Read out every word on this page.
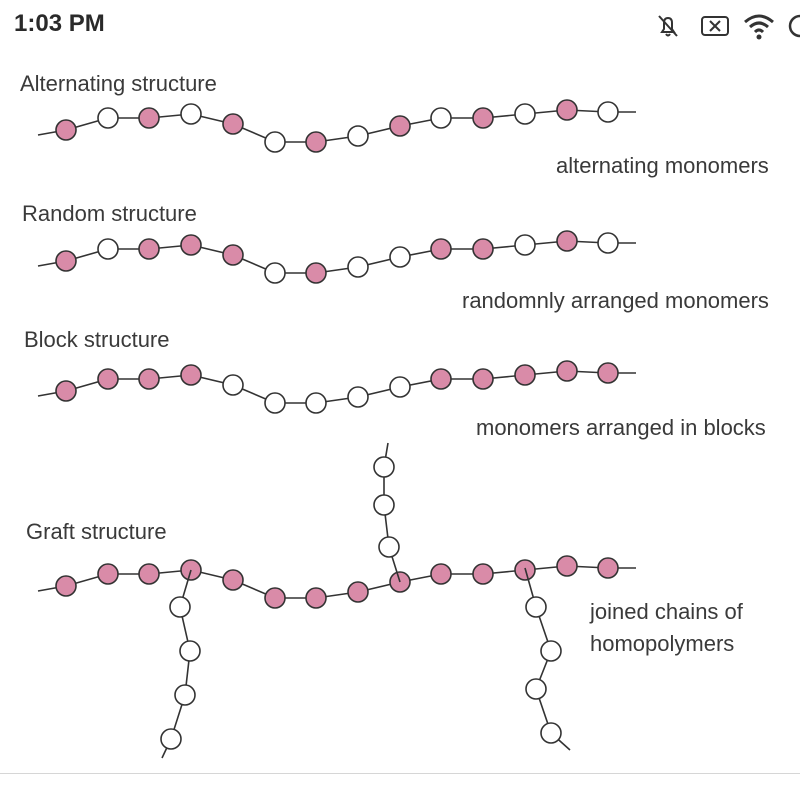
1:03 PM
Alternating structure
alternating monomers
Random structure
randomnly arranged monomers
Block structure
monomers arranged in blocks
Graft structure
joined chains of
homopolymers
